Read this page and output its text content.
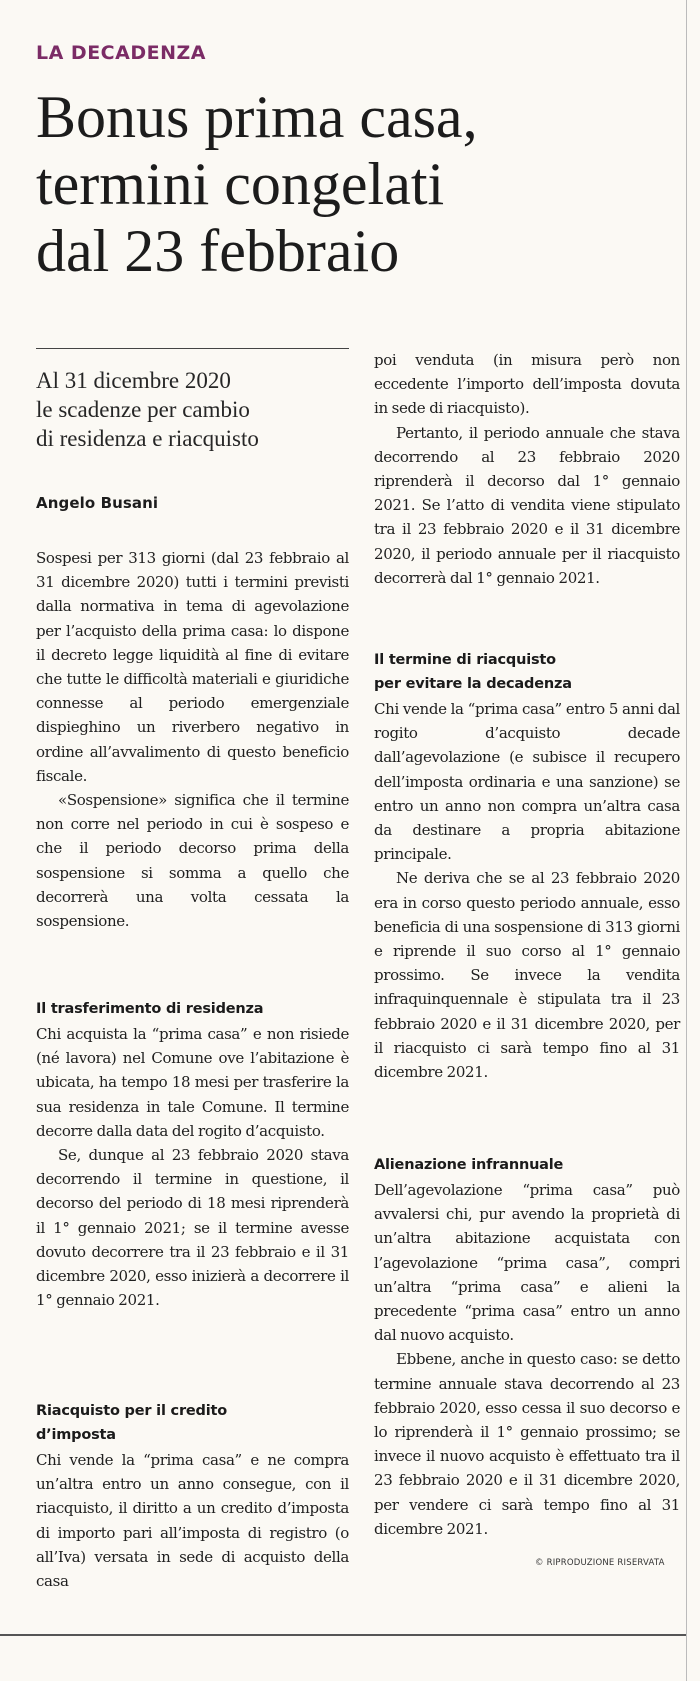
LA DECADENZA
Bonus prima casa,
termini congelati
dal 23 febbraio
Al 31 dicembre 2020
le scadenze per cambio
di residenza e riacquisto
Angelo Busani

Sospesi per 313 giorni (dal 23 febbraio al 31 dicembre 2020) tutti i termini previsti dalla normativa in tema di agevolazione per l’acquisto della prima casa: lo dispone il decreto legge liquidità al fine di evitare che tutte le difficoltà materiali e giuridiche connesse al periodo emergenziale dispieghino un riverbero negativo in ordine all’avvalimento di questo beneficio fiscale.

«Sospensione» significa che il termine non corre nel periodo in cui è sospeso e che il periodo decorso prima della sospensione si somma a quello che decorrerà una volta cessata la sospensione.

Il trasferimento di residenza

Chi acquista la “prima casa” e non risiede (né lavora) nel Comune ove l’abitazione è ubicata, ha tempo 18 mesi per trasferire la sua residenza in tale Comune. Il termine decorre dalla data del rogito d’acquisto.

Se, dunque al 23 febbraio 2020 stava decorrendo il termine in questione, il decorso del periodo di 18 mesi riprenderà il 1° gennaio 2021; se il termine avesse dovuto decorrere tra il 23 febbraio e il 31 dicembre 2020, esso inizierà a decorrere il 1° gennaio 2021.

Riacquisto per il credito
d’imposta

Chi vende la “prima casa” e ne compra un’altra entro un anno consegue, con il riacquisto, il diritto a un credito d’imposta di importo pari all’imposta di registro (o all’Iva) versata in sede di acquisto della casa

poi venduta (in misura però non eccedente l’importo dell’imposta dovuta in sede di riacquisto).

Pertanto, il periodo annuale che stava decorrendo al 23 febbraio 2020 riprenderà il decorso dal 1° gennaio 2021. Se l’atto di vendita viene stipulato tra il 23 febbraio 2020 e il 31 dicembre 2020, il periodo annuale per il riacquisto decorrerà dal 1° gennaio 2021.

Il termine di riacquisto
per evitare la decadenza

Chi vende la “prima casa” entro 5 anni dal rogito d’acquisto decade dall’agevolazione (e subisce il recupero dell’imposta ordinaria e una sanzione) se entro un anno non compra un’altra casa da destinare a propria abitazione principale.

Ne deriva che se al 23 febbraio 2020 era in corso questo periodo annuale, esso beneficia di una sospensione di 313 giorni e riprende il suo corso al 1° gennaio prossimo. Se invece la vendita infraquinquennale è stipulata tra il 23 febbraio 2020 e il 31 dicembre 2020, per il riacquisto ci sarà tempo fino al 31 dicembre 2021.

Alienazione infrannuale

Dell’agevolazione “prima casa” può avvalersi chi, pur avendo la proprietà di un’altra abitazione acquistata con l’agevolazione “prima casa”, compri un’altra “prima casa” e alieni la precedente “prima casa” entro un anno dal nuovo acquisto.

Ebbene, anche in questo caso: se detto termine annuale stava decorrendo al 23 febbraio 2020, esso cessa il suo decorso e lo riprenderà il 1° gennaio prossimo; se invece il nuovo acquisto è effettuato tra il 23 febbraio 2020 e il 31 dicembre 2020, per vendere ci sarà tempo fino al 31 dicembre 2021.

© RIPRODUZIONE RISERVATA
